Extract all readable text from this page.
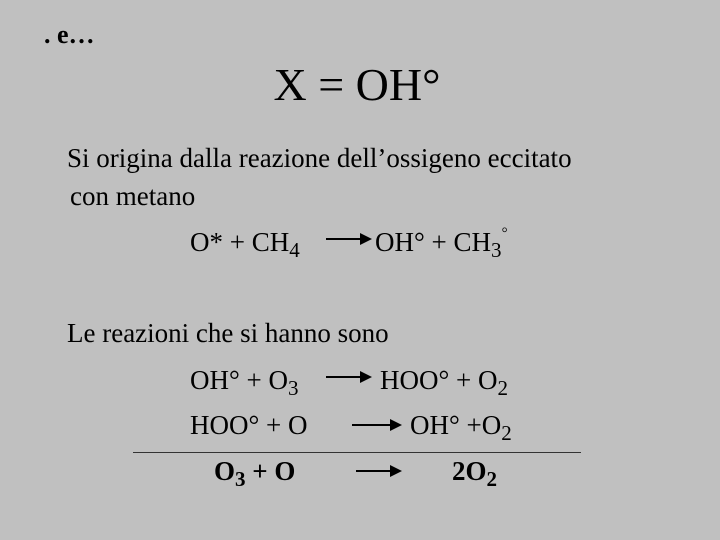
. e…
X = OH°
Si origina dalla reazione dell’ossigeno eccitato
con metano
$O* + CH_4$	$OH^\circ + CH_3^\circ$
Le reazioni che si hanno sono
$OH^\circ + O_3$	$HOO^\circ + O_2$
HOO° + O	$OH^\circ +O_2$
$O_3 + O$	$2O_2$
